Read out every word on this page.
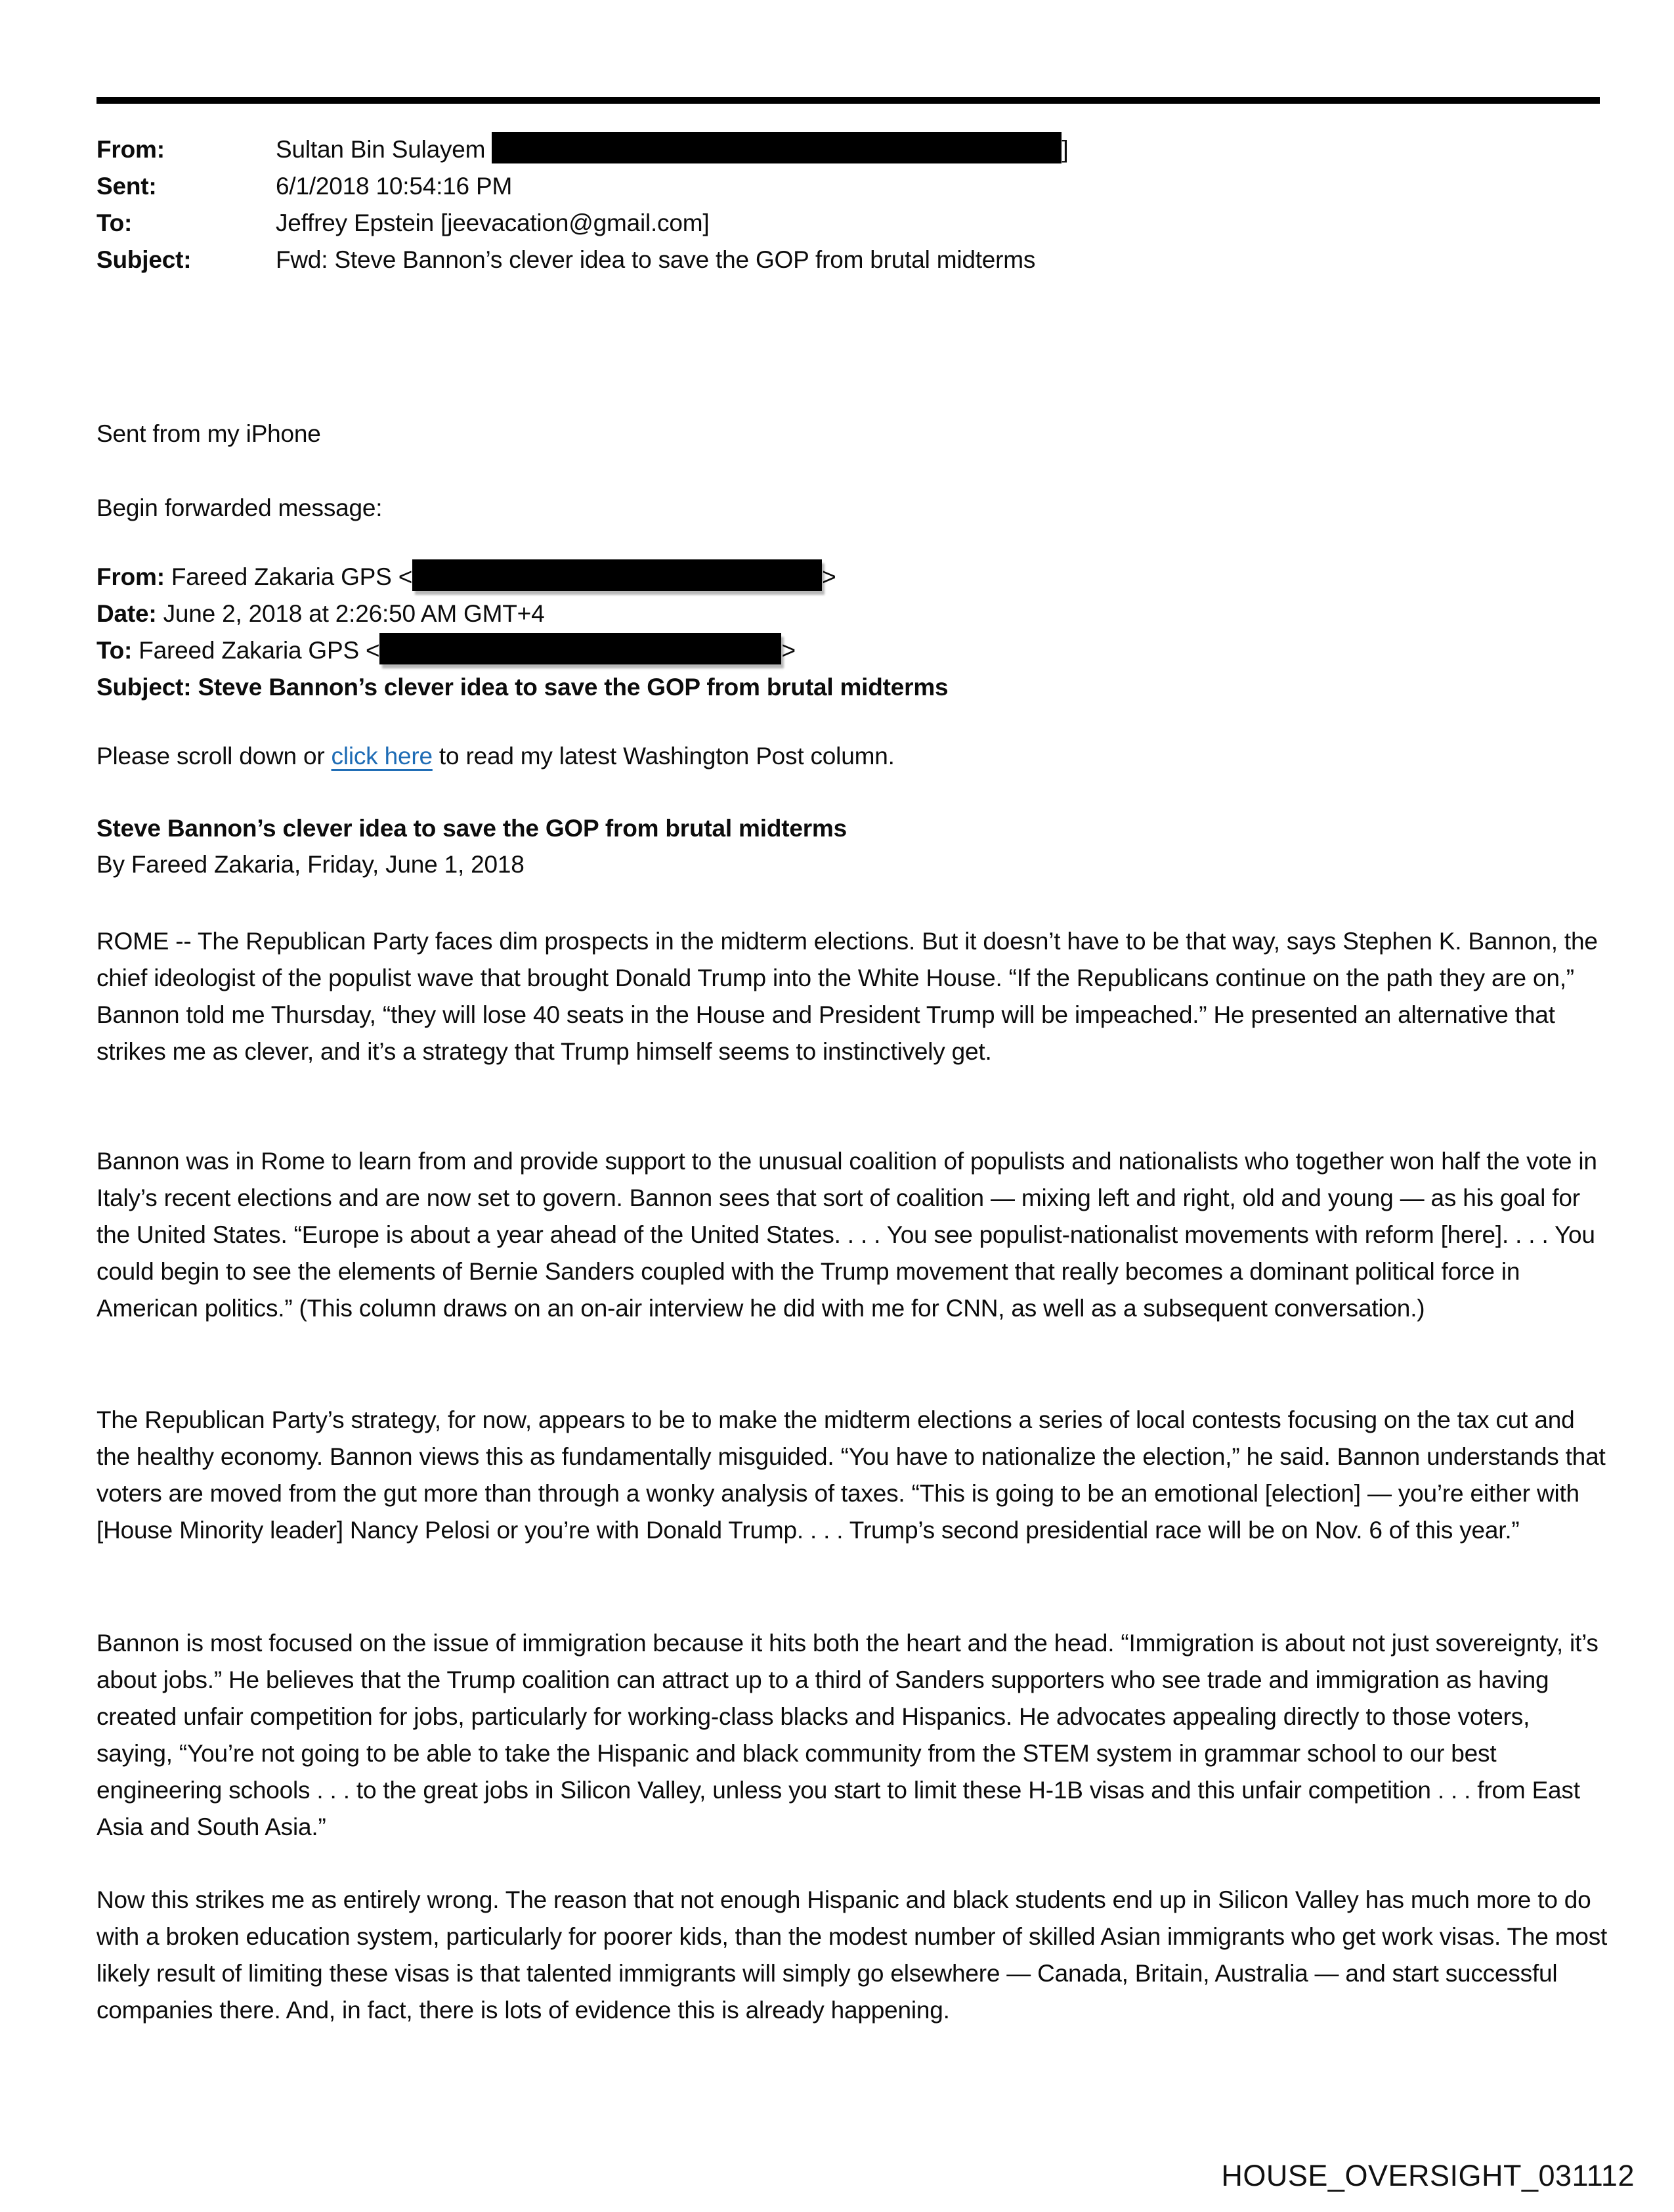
From:	Sultan Bin Sulayem	]
Sent:	6/1/2018 10:54:16 PM
To:	Jeffrey Epstein [jeevacation@gmail.com]
Subject:	Fwd: Steve Bannon’s clever idea to save the GOP from brutal midterms
Sent from my iPhone
Begin forwarded message:
From: Fareed Zakaria GPS <	>
Date: June 2, 2018 at 2:26:50 AM GMT+4
To: Fareed Zakaria GPS <	>
Subject: Steve Bannon’s clever idea to save the GOP from brutal midterms
Please scroll down or click here to read my latest Washington Post column.
Steve Bannon’s clever idea to save the GOP from brutal midterms
By Fareed Zakaria, Friday, June 1, 2018

ROME -- The Republican Party faces dim prospects in the midterm elections. But it doesn’t have to be that way, says Stephen K. Bannon, the chief ideologist of the populist wave that brought Donald Trump into the White House. “If the Republicans continue on the path they are on,” Bannon told me Thursday, “they will lose 40 seats in the House and President Trump will be impeached.” He presented an alternative that strikes me as clever, and it’s a strategy that Trump himself seems to instinctively get.

Bannon was in Rome to learn from and provide support to the unusual coalition of populists and nationalists who together won half the vote in Italy’s recent elections and are now set to govern. Bannon sees that sort of coalition — mixing left and right, old and young — as his goal for the United States. “Europe is about a year ahead of the United States. . . . You see populist-nationalist movements with reform [here]. . . . You could begin to see the elements of Bernie Sanders coupled with the Trump movement that really becomes a dominant political force in American politics.” (This column draws on an on-air interview he did with me for CNN, as well as a subsequent conversation.)

The Republican Party’s strategy, for now, appears to be to make the midterm elections a series of local contests focusing on the tax cut and the healthy economy. Bannon views this as fundamentally misguided. “You have to nationalize the election,” he said. Bannon understands that voters are moved from the gut more than through a wonky analysis of taxes. “This is going to be an emotional [election] — you’re either with [House Minority leader] Nancy Pelosi or you’re with Donald Trump. . . . Trump’s second presidential race will be on Nov. 6 of this year.”

Bannon is most focused on the issue of immigration because it hits both the heart and the head. “Immigration is about not just sovereignty, it’s about jobs.” He believes that the Trump coalition can attract up to a third of Sanders supporters who see trade and immigration as having created unfair competition for jobs, particularly for working-class blacks and Hispanics. He advocates appealing directly to those voters, saying, “You’re not going to be able to take the Hispanic and black community from the STEM system in grammar school to our best engineering schools . . . to the great jobs in Silicon Valley, unless you start to limit these H-1B visas and this unfair competition . . . from East Asia and South Asia.”

Now this strikes me as entirely wrong. The reason that not enough Hispanic and black students end up in Silicon Valley has much more to do with a broken education system, particularly for poorer kids, than the modest number of skilled Asian immigrants who get work visas. The most likely result of limiting these visas is that talented immigrants will simply go elsewhere — Canada, Britain, Australia — and start successful companies there. And, in fact, there is lots of evidence this is already happening.

HOUSE_OVERSIGHT_031112
